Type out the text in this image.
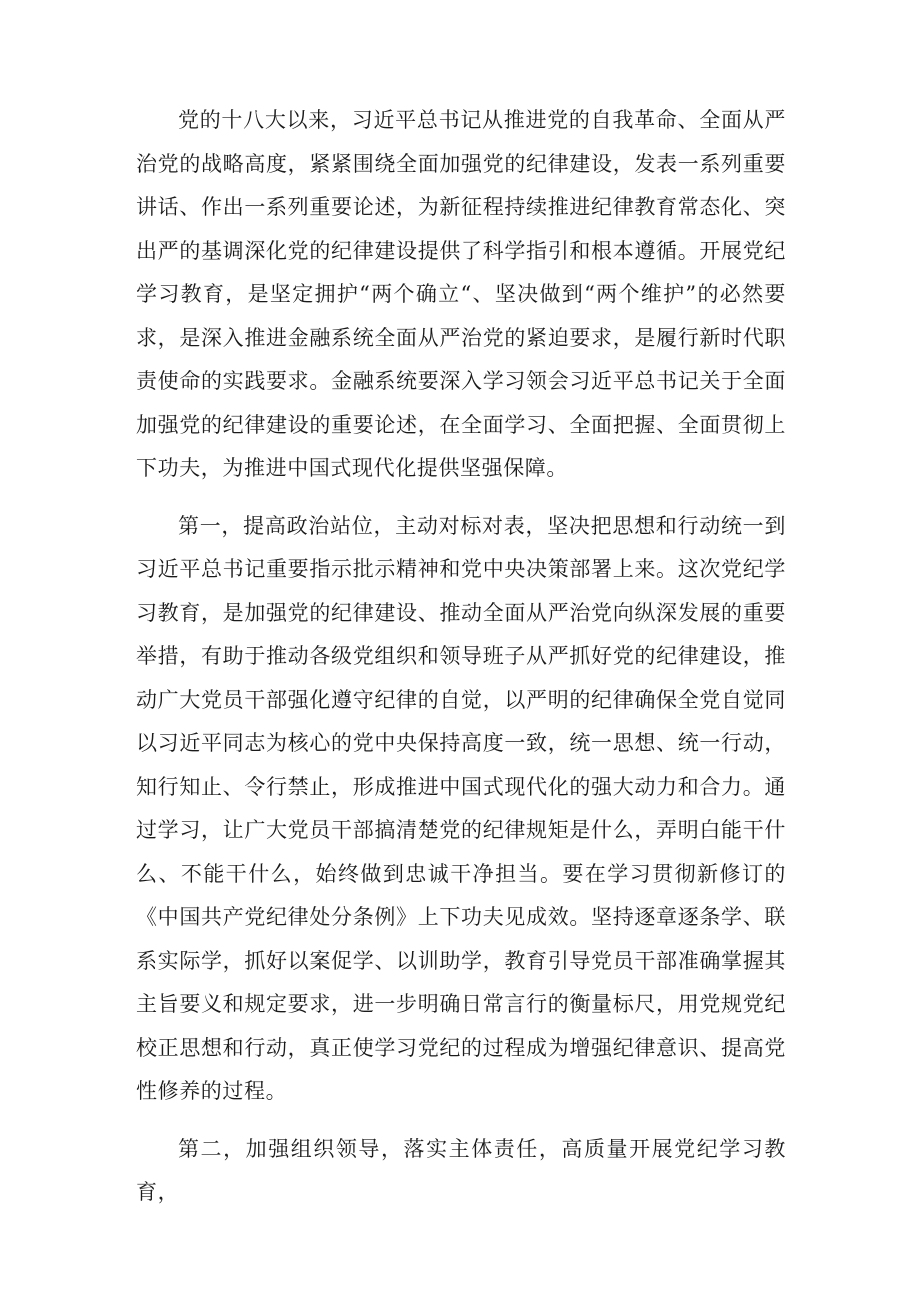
党的十八大以来，习近平总书记从推进党的自我革命、全面从严治党的战略高度，紧紧围绕全面加强党的纪律建设，发表一系列重要讲话、作出一系列重要论述，为新征程持续推进纪律教育常态化、突出严的基调深化党的纪律建设提供了科学指引和根本遵循。开展党纪学习教育，是坚定拥护“两个确立“、坚决做到“两个维护”的必然要求，是深入推进金融系统全面从严治党的紧迫要求，是履行新时代职责使命的实践要求。金融系统要深入学习领会习近平总书记关于全面加强党的纪律建设的重要论述，在全面学习、全面把握、全面贯彻上下功夫，为推进中国式现代化提供坚强保障。

第一，提高政治站位，主动对标对表，坚决把思想和行动统一到习近平总书记重要指示批示精神和党中央决策部署上来。这次党纪学习教育，是加强党的纪律建设、推动全面从严治党向纵深发展的重要举措，有助于推动各级党组织和领导班子从严抓好党的纪律建设，推动广大党员干部强化遵守纪律的自觉，以严明的纪律确保全党自觉同以习近平同志为核心的党中央保持高度一致，统一思想、统一行动，知行知止、令行禁止，形成推进中国式现代化的强大动力和合力。通过学习，让广大党员干部搞清楚党的纪律规矩是什么，弄明白能干什么、不能干什么，始终做到忠诚干净担当。要在学习贯彻新修订的《中国共产党纪律处分条例》上下功夫见成效。坚持逐章逐条学、联系实际学，抓好以案促学、以训助学，教育引导党员干部准确掌握其主旨要义和规定要求，进一步明确日常言行的衡量标尺，用党规党纪校正思想和行动，真正使学习党纪的过程成为增强纪律意识、提高党性修养的过程。

第二，加强组织领导，落实主体责任，高质量开展党纪学习教育，
